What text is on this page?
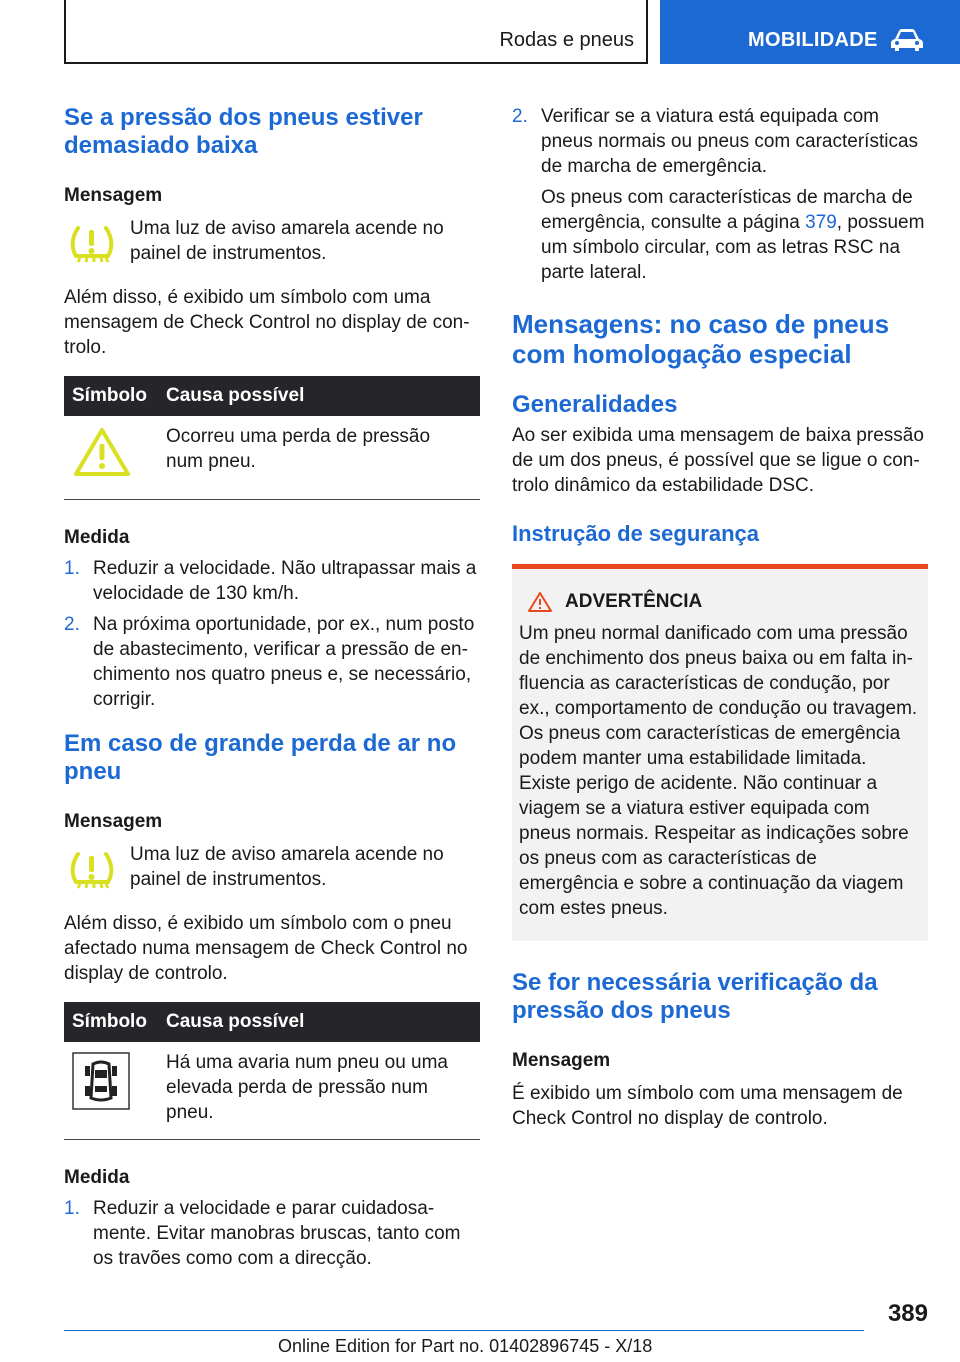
Rodas e pneus	MOBILIDADE
Se a pressão dos pneus estiver demasiado baixa
Mensagem
Uma luz de aviso amarela acende no painel de instrumentos.

Além disso, é exibido um símbolo com uma mensagem de Check Control no display de controlo.

Símbolo	Causa possível
	Ocorreu uma perda de pressão num pneu.
Medida
1. Reduzir a velocidade. Não ultrapassar mais a velocidade de 130 km/h.
2. Na próxima oportunidade, por ex., num posto de abastecimento, verificar a pressão de enchimento nos quatro pneus e, se necessário, corrigir.
Em caso de grande perda de ar no pneu
Mensagem
Uma luz de aviso amarela acende no painel de instrumentos.

Além disso, é exibido um símbolo com o pneu afectado numa mensagem de Check Control no display de controlo.

Símbolo	Causa possível
	Há uma avaria num pneu ou uma elevada perda de pressão num pneu.
Medida
1. Reduzir a velocidade e parar cuidadosamente. Evitar manobras bruscas, tanto com os travões como com a direcção.
2. Verificar se a viatura está equipada com pneus normais ou pneus com características de marcha de emergência.
Os pneus com características de marcha de emergência, consulte a página 379, possuem um símbolo circular, com as letras RSC na parte lateral.
Mensagens: no caso de pneus com homologação especial
Generalidades

Ao ser exibida uma mensagem de baixa pressão de um dos pneus, é possível que se ligue o controlo dinâmico da estabilidade DSC.

Instrução de segurança
ADVERTÊNCIA

Um pneu normal danificado com uma pressão de enchimento dos pneus baixa ou em falta influencia as características de condução, por ex., comportamento de condução ou travagem. Os pneus com características de emergência podem manter uma estabilidade limitada. Existe perigo de acidente. Não continuar a viagem se a viatura estiver equipada com pneus normais. Respeitar as indicações sobre os pneus com as características de emergência e sobre a continuação da viagem com estes pneus.

Se for necessária verificação da pressão dos pneus
Mensagem

É exibido um símbolo com uma mensagem de Check Control no display de controlo.

389
Online Edition for Part no. 01402896745 - X/18
